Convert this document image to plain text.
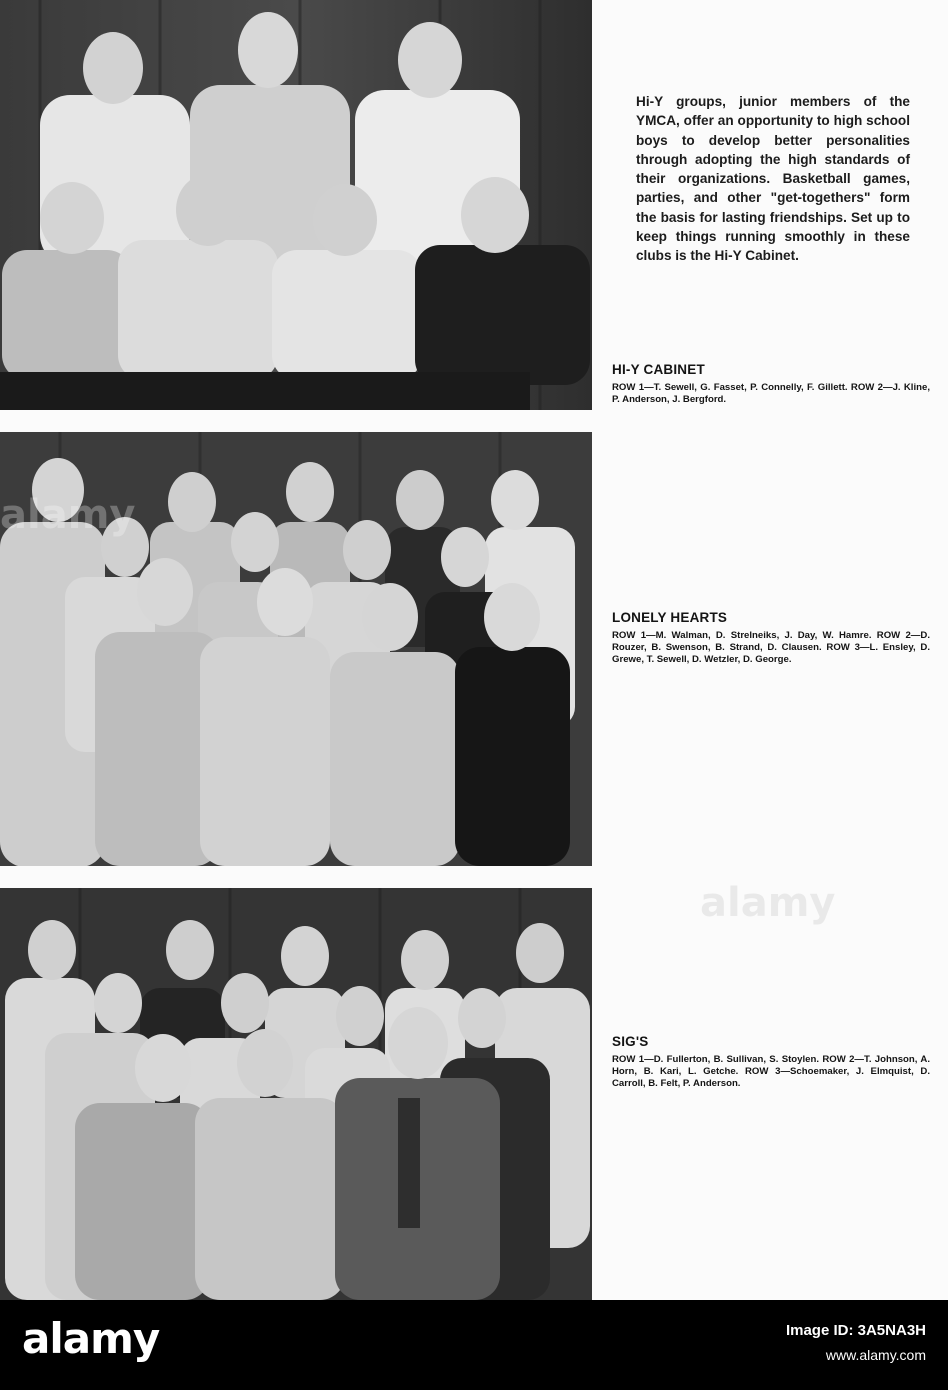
Hi-Y groups, junior members of the YMCA, offer an opportunity to high school boys to develop better personalities through adopting the high standards of their organizations. Basketball games, parties, and other "get-togethers" form the basis for lasting friendships. Set up to keep things running smoothly in these clubs is the Hi-Y Cabinet.
HI-Y CABINET
ROW 1—T. Sewell, G. Fasset, P. Connelly, F. Gillett. ROW 2—J. Kline, P. Anderson, J. Bergford.
LONELY HEARTS
ROW 1—M. Walman, D. Strelneiks, J. Day, W. Hamre. ROW 2—D. Rouzer, B. Swenson, B. Strand, D. Clausen. ROW 3—L. Ensley, D. Grewe, T. Sewell, D. Wetzler, D. George.
SIG'S
ROW 1—D. Fullerton, B. Sullivan, S. Stoylen. ROW 2—T. Johnson, A. Horn, B. Kari, L. Getche. ROW 3—Schoemaker, J. Elmquist, D. Carroll, B. Felt, P. Anderson.
alamy
alamy
alamy	Image ID: 3A5NA3H
www.alamy.com
